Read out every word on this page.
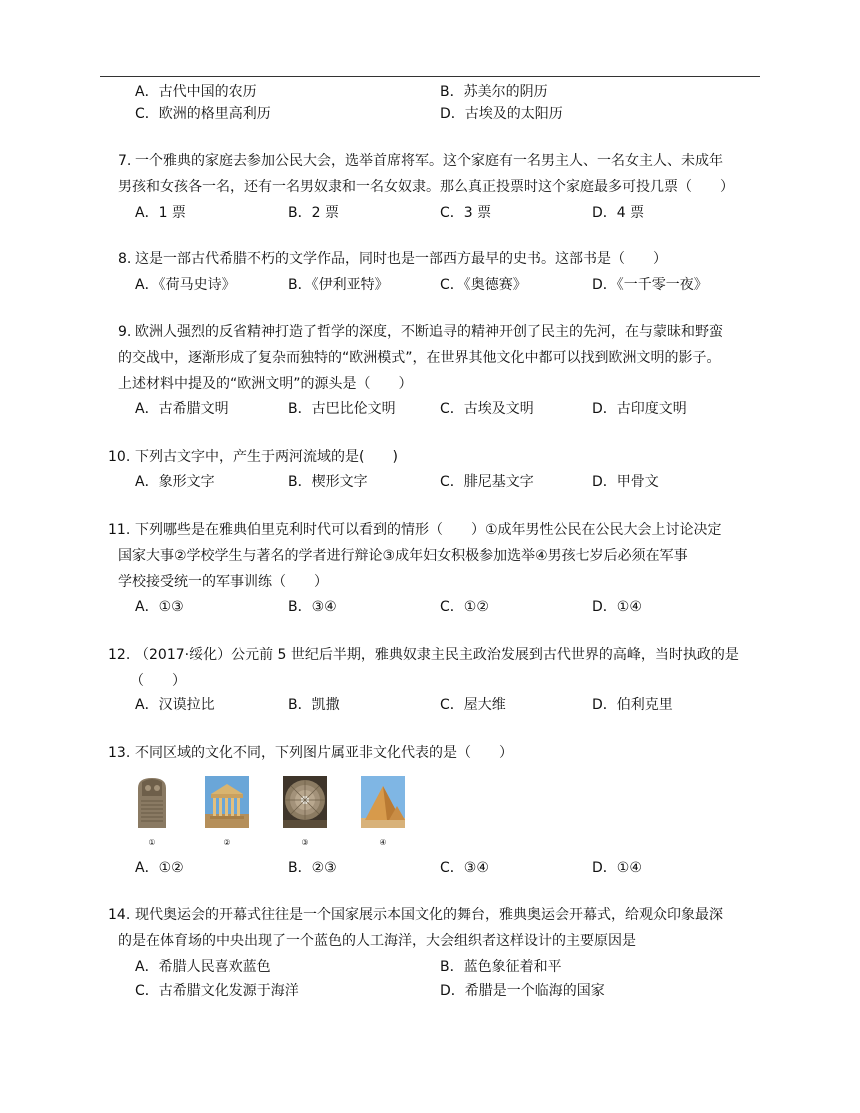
A．古代中国的农历	B．苏美尔的阴历
C．欧洲的格里高利历	D．古埃及的太阳历
7. 一个雅典的家庭去参加公民大会，选举首席将军。这个家庭有一名男主人、一名女主人、未成年
男孩和女孩各一名，还有一名男奴隶和一名女奴隶。那么真正投票时这个家庭最多可投几票（　　）
A．1 票	B．2 票	C．3 票	D．4 票
8. 这是一部古代希腊不朽的文学作品，同时也是一部西方最早的史书。这部书是（　　）
A．《荷马史诗》	B．《伊利亚特》	C．《奥德赛》	D．《一千零一夜》
9. 欧洲人强烈的反省精神打造了哲学的深度，不断追寻的精神开创了民主的先河，在与蒙昧和野蛮
的交战中，逐渐形成了复杂而独特的“欧洲模式”，在世界其他文化中都可以找到欧洲文明的影子。
上述材料中提及的“欧洲文明”的源头是（　　）
A．古希腊文明	B．古巴比伦文明	C．古埃及文明	D．古印度文明
10. 下列古文字中，产生于两河流域的是(　　)
A．象形文字	B．楔形文字	C．腓尼基文字	D．甲骨文
11. 下列哪些是在雅典伯里克利时代可以看到的情形（　　）①成年男性公民在公民大会上讨论决定
国家大事②学校学生与著名的学者进行辩论③成年妇女积极参加选举④男孩七岁后必须在军事
学校接受统一的军事训练（　　）
A．①③	B．③④	C．①②	D．①④
12. （2017·绥化）公元前 5 世纪后半期，雅典奴隶主民主政治发展到古代世界的高峰，当时执政的是
（　　）
A．汉谟拉比	B．凯撒	C．屋大维	D．伯利克里
13. 不同区域的文化不同，下列图片属亚非文化代表的是（　　）
①	②	③	④
A．①②	B．②③	C．③④	D．①④
14. 现代奥运会的开幕式往往是一个国家展示本国文化的舞台，雅典奥运会开幕式，给观众印象最深
的是在体育场的中央出现了一个蓝色的人工海洋，大会组织者这样设计的主要原因是
A．希腊人民喜欢蓝色	B．蓝色象征着和平
C．古希腊文化发源于海洋	D．希腊是一个临海的国家
